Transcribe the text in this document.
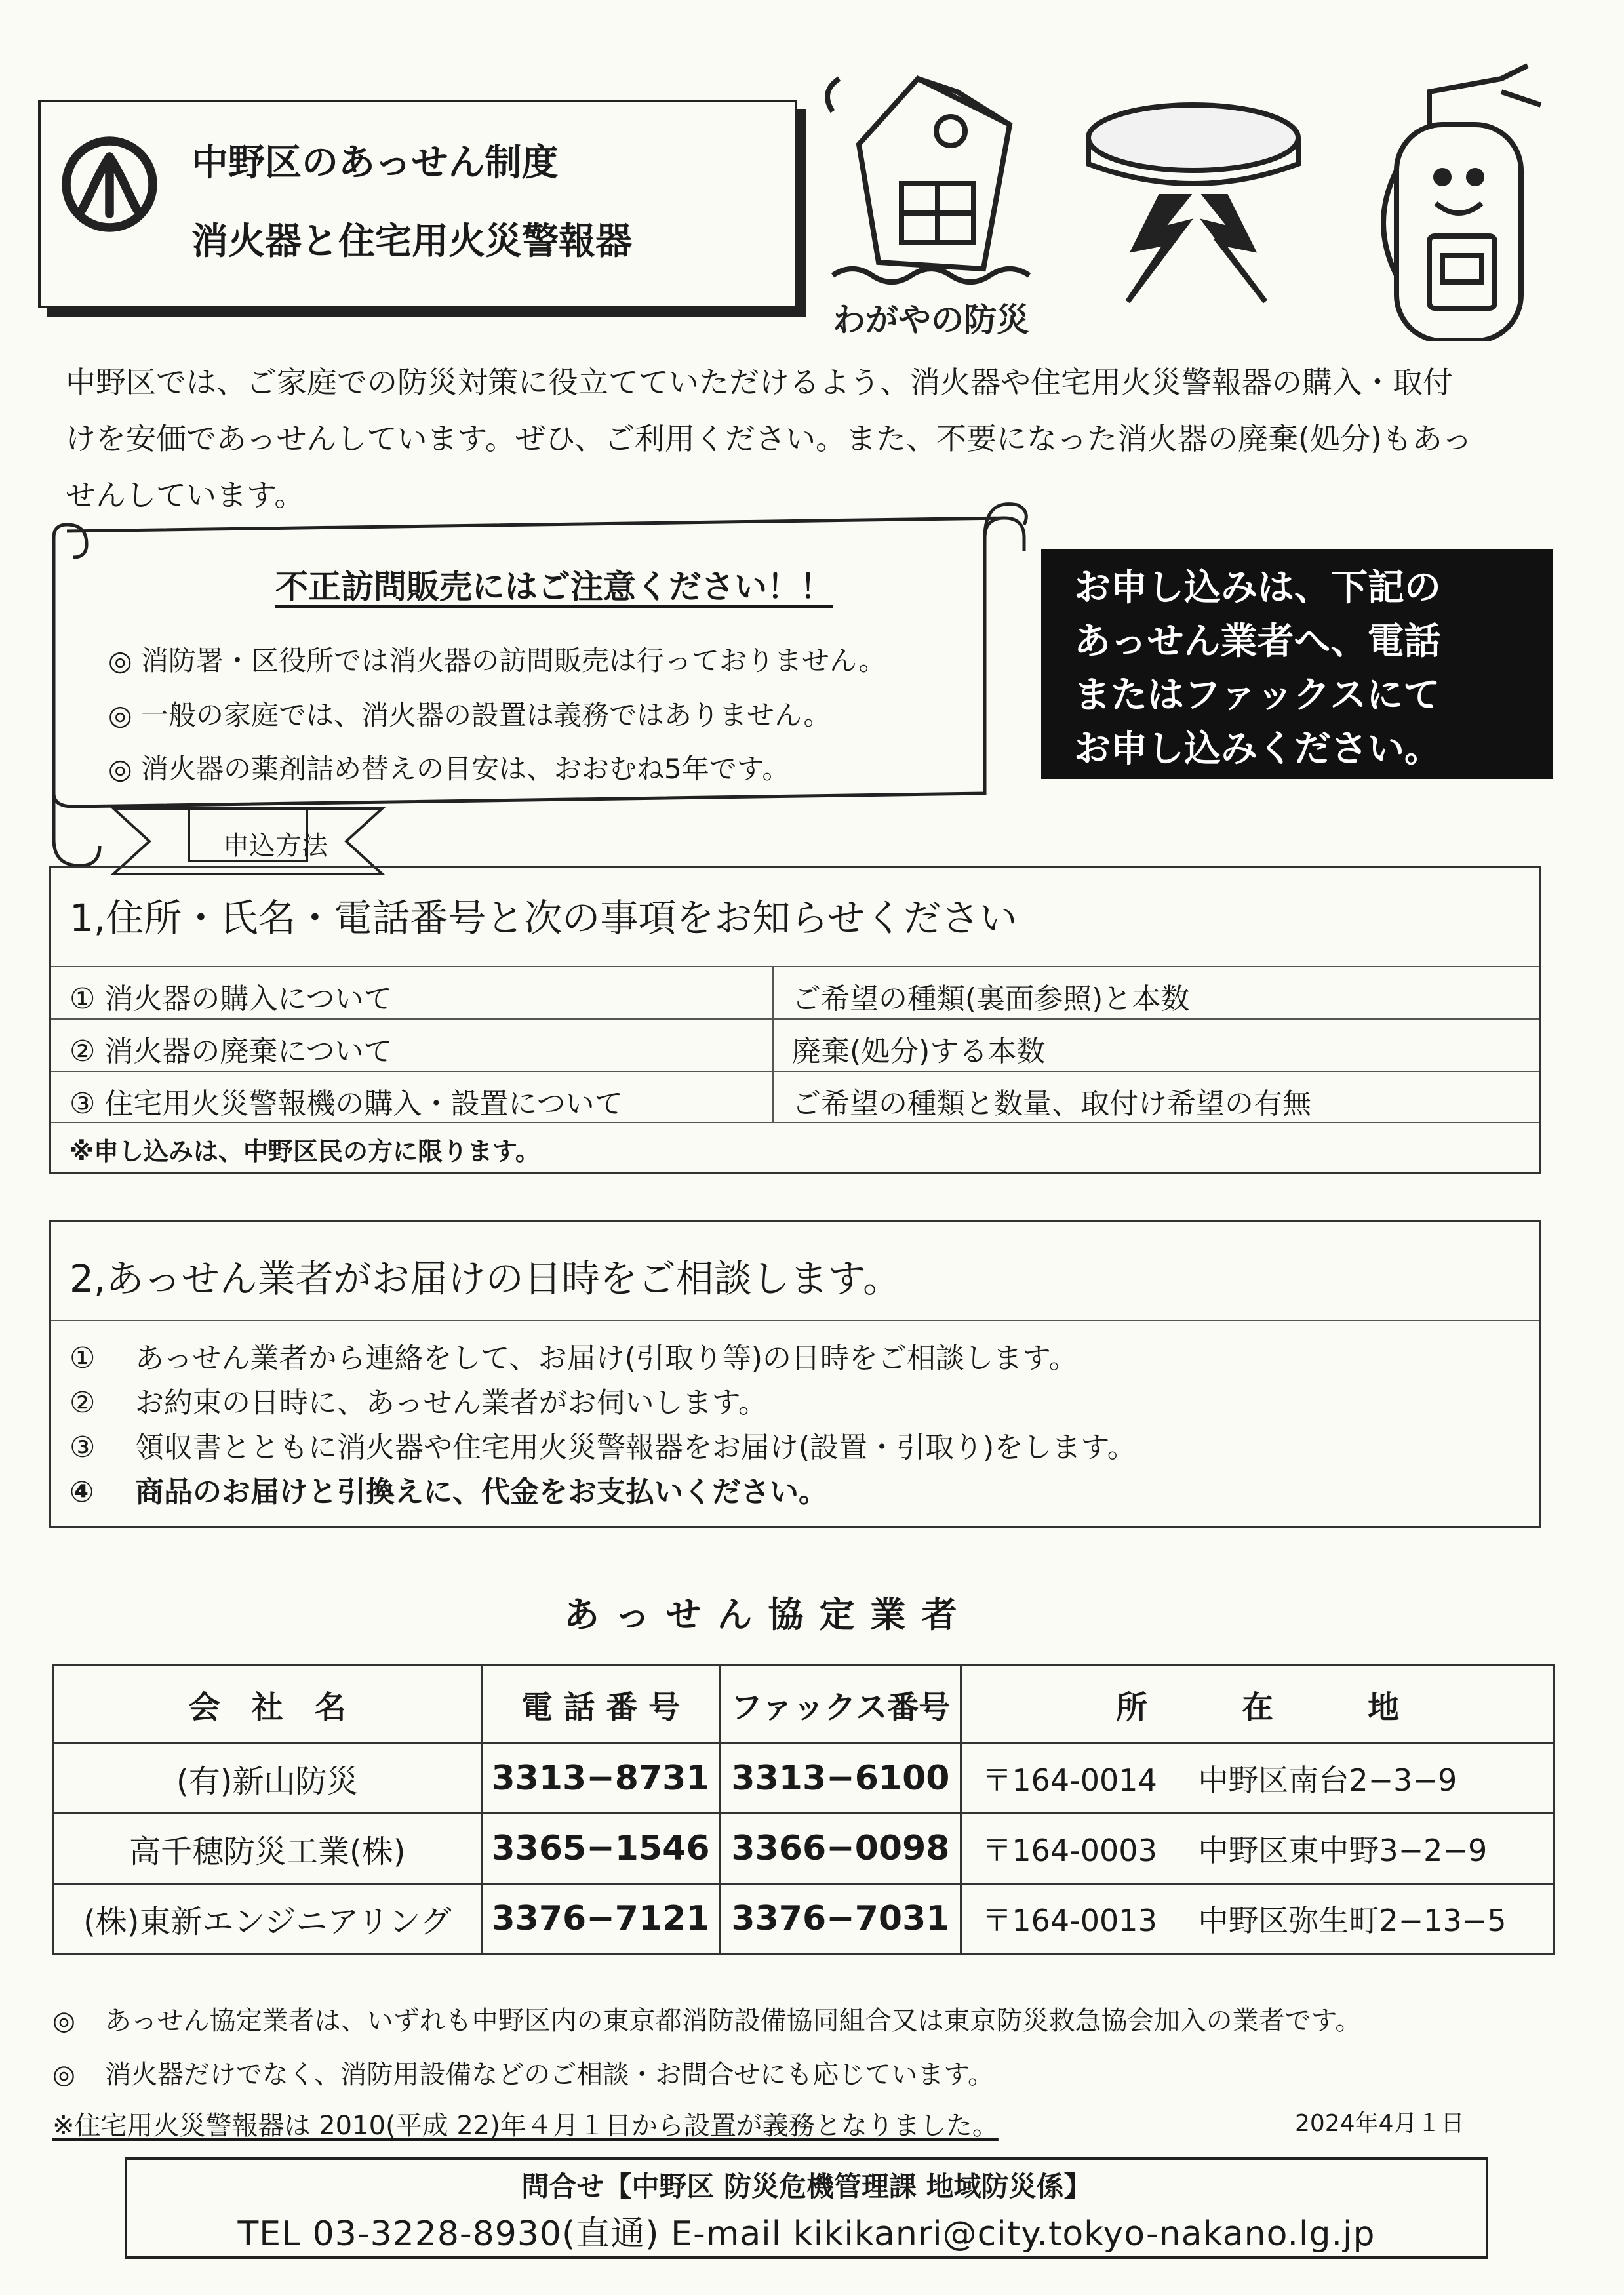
中野区のあっせん制度
消火器と住宅用火災警報器
わがやの防災
中野区では、ご家庭での防災対策に役立てていただけるよう、消火器や住宅用火災警報器の購入・取付
けを安価であっせんしています。ぜひ、ご利用ください。また、不要になった消火器の廃棄(処分)もあっ
せんしています。
不正訪問販売にはご注意ください！！
◎ 消防署・区役所では消火器の訪問販売は行っておりません。
◎ 一般の家庭では、消火器の設置は義務ではありません。
◎ 消火器の薬剤詰め替えの目安は、おおむね5年です。
お申し込みは、下記の
あっせん業者へ、電話
またはファックスにて
お申し込みください。
申込方法
1,住所・氏名・電話番号と次の事項をお知らせください
① 消火器の購入について	ご希望の種類(裏面参照)と本数
② 消火器の廃棄について	廃棄(処分)する本数
③ 住宅用火災警報機の購入・設置について	ご希望の種類と数量、取付け希望の有無
※申し込みは、中野区民の方に限ります。
2,あっせん業者がお届けの日時をご相談します。
① あっせん業者から連絡をして、お届け(引取り等)の日時をご相談します。
② お約束の日時に、あっせん業者がお伺いします。
③ 領収書とともに消火器や住宅用火災警報器をお届け(設置・引取り)をします。
④ 商品のお届けと引換えに、代金をお支払いください。
あっせん協定業者
会　社　名	電 話 番 号	ファックス番号	所　　　在　　　地
(有)新山防災	3313−8731	3313−6100	〒164-0014 中野区南台2−3−9
高千穂防災工業(株)	3365−1546	3366−0098	〒164-0003 中野区東中野3−2−9
(株)東新エンジニアリング	3376−7121	3376−7031	〒164-0013 中野区弥生町2−13−5
◎ あっせん協定業者は、いずれも中野区内の東京都消防設備協同組合又は東京防災救急協会加入の業者です。
◎ 消火器だけでなく、消防用設備などのご相談・お問合せにも応じています。
※住宅用火災警報器は 2010(平成 22)年４月１日から設置が義務となりました。	2024年4月１日
問合せ【中野区 防災危機管理課 地域防災係】
TEL 03-3228-8930(直通) E-mail kikikanri@city.tokyo-nakano.lg.jp
